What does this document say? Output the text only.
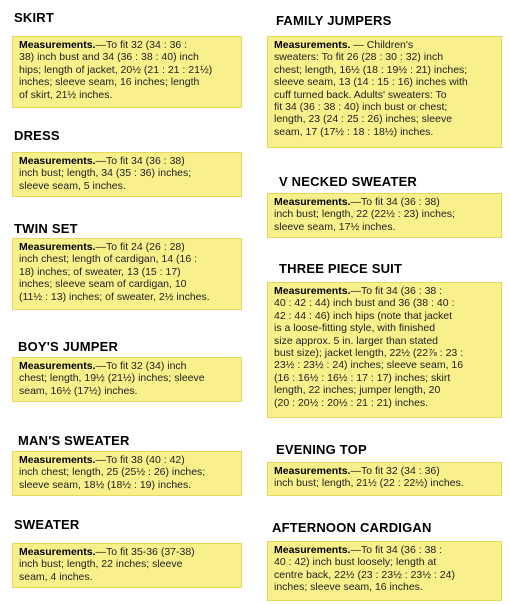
SKIRT
Measurements.—To fit 32 (34 : 36 :
38) inch bust and 34 (36 : 38 : 40) inch
hips; length of jacket, 20½ (21 : 21 : 21½)
inches; sleeve seam, 16 inches; length
of skirt, 21½ inches.
DRESS
Measurements.—To fit 34 (36 : 38)
inch bust; length, 34 (35 : 36) inches;
sleeve seam, 5 inches.
TWIN SET
Measurements.—To fit 24 (26 : 28)
inch chest; length of cardigan, 14 (16 :
18) inches; of sweater, 13 (15 : 17)
inches; sleeve seam of cardigan, 10
(11½ : 13) inches; of sweater, 2½ inches.
BOY'S JUMPER
Measurements.—To fit 32 (34) inch
chest; length, 19½ (21½) inches; sleeve
seam, 16½ (17½) inches.
MAN'S SWEATER
Measurements.—To fit 38 (40 : 42)
inch chest; length, 25 (25½ : 26) inches;
sleeve seam, 18½ (18½ : 19) inches.
SWEATER
Measurements.—To fit 35-36 (37-38)
inch bust; length, 22 inches; sleeve
seam, 4 inches.
FAMILY JUMPERS
Measurements. — Children's
sweaters: To fit 26 (28 : 30 : 32) inch
chest; length, 16½ (18 : 19½ : 21) inches;
sleeve seam, 13 (14 : 15 : 16) inches with
cuff turned back. Adults' sweaters: To
fit 34 (36 : 38 : 40) inch bust or chest;
length, 23 (24 : 25 : 26) inches; sleeve
seam, 17 (17½ : 18 : 18½) inches.
V NECKED SWEATER
Measurements.—To fit 34 (36 : 38)
inch bust; length, 22 (22½ : 23) inches;
sleeve seam, 17½ inches.
THREE PIECE SUIT
Measurements.—To fit 34 (36 : 38 :
40 : 42 : 44) inch bust and 36 (38 : 40 :
42 : 44 : 46) inch hips (note that jacket
is a loose-fitting style, with finished
size approx. 5 in. larger than stated
bust size); jacket length, 22½ (22⅞ : 23 :
23½ : 23½ : 24) inches; sleeve seam, 16
(16 : 16½ : 16½ : 17 : 17) inches; skirt
length, 22 inches; jumper length, 20
(20 : 20½ : 20½ : 21 : 21) inches.
EVENING TOP
Measurements.—To fit 32 (34 : 36)
inch bust; length, 21½ (22 : 22½) inches.
AFTERNOON CARDIGAN
Measurements.—To fit 34 (36 : 38 :
40 : 42) inch bust loosely; length at
centre back, 22½ (23 : 23½ : 23½ : 24)
inches; sleeve seam, 16 inches.
